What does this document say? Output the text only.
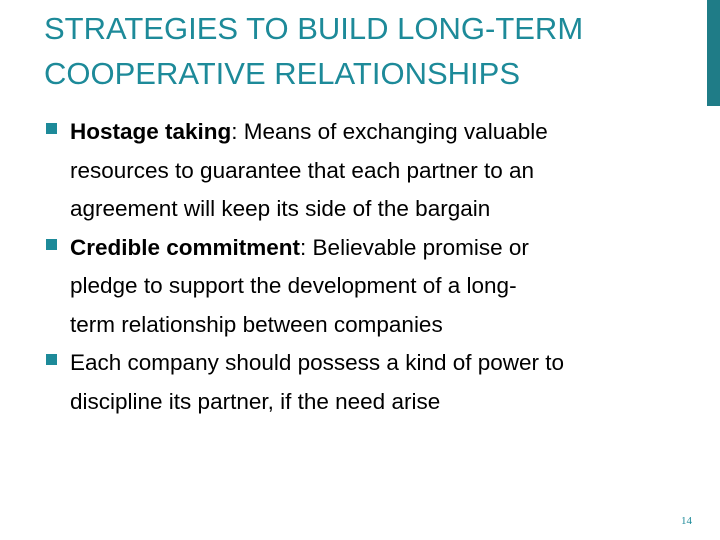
STRATEGIES TO BUILD LONG-TERM
COOPERATIVE RELATIONSHIPS
Hostage taking: Means of exchanging valuable
resources to guarantee that each partner to an
agreement will keep its side of the bargain
Credible commitment: Believable promise or
pledge to support the development of a long-
term relationship between companies
Each company should possess a kind of power to
discipline its partner, if the need arise
14
